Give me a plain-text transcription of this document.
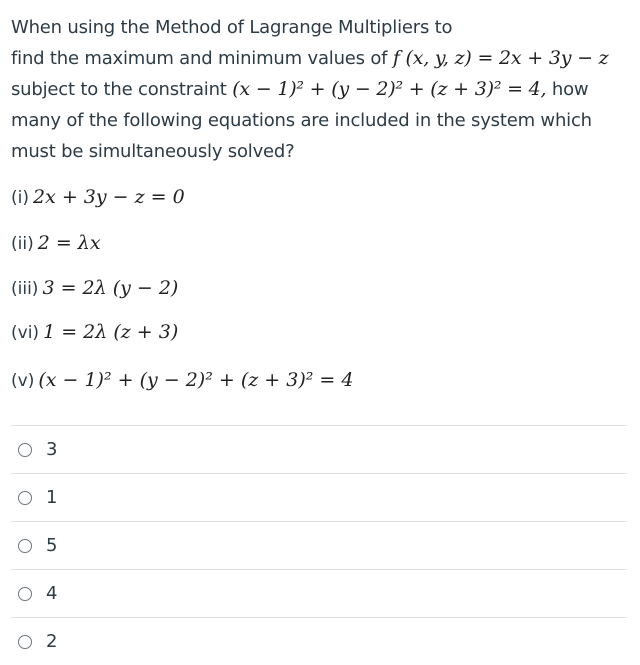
When using the Method of Lagrange Multipliers to
find the maximum and minimum values of f (x, y, z) = 2x + 3y − z
subject to the constraint (x − 1)² + (y − 2)² + (z + 3)² = 4, how
many of the following equations are included in the system which
must be simultaneously solved?
(i) 2x + 3y − z = 0
(ii) 2 = λx
(iii) 3 = 2λ (y − 2)
(vi) 1 = 2λ (z + 3)
(v) (x − 1)² + (y − 2)² + (z + 3)² = 4
3
1
5
4
2
